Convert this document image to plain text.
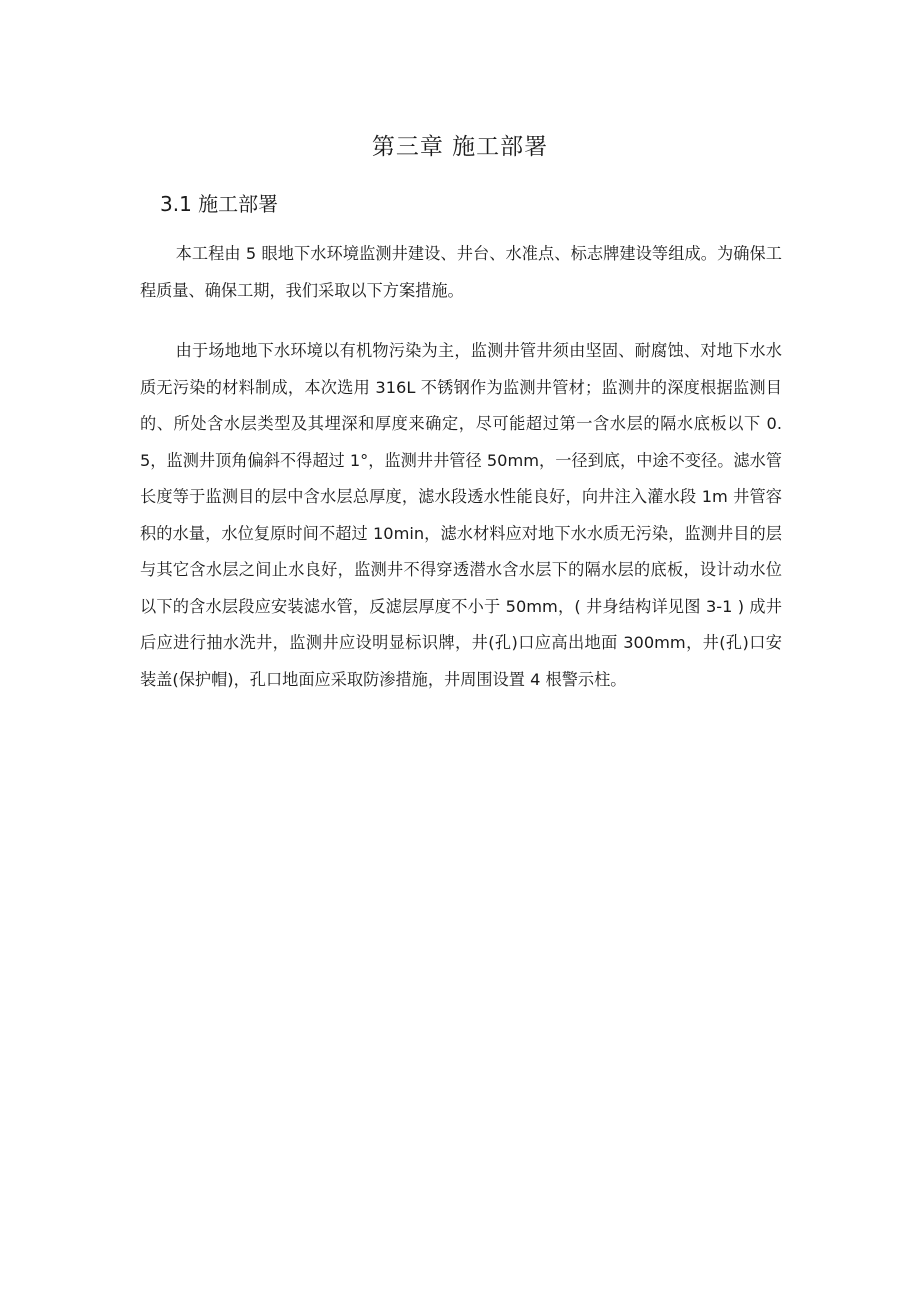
第三章 施工部署
3.1 施工部署

本工程由 5 眼地下水环境监测井建设、井台、水准点、标志牌建设等组成。为确保工程质量、确保工期，我们采取以下方案措施。

由于场地地下水环境以有机物污染为主，监测井管井须由坚固、耐腐蚀、对地下水水质无污染的材料制成，本次选用 316L 不锈钢作为监测井管材；监测井的深度根据监测目的、所处含水层类型及其埋深和厚度来确定，尽可能超过第一含水层的隔水底板以下 0.5，监测井顶角偏斜不得超过 1°，监测井井管径 50mm，一径到底，中途不变径。滤水管长度等于监测目的层中含水层总厚度，滤水段透水性能良好，向井注入灌水段 1m 井管容积的水量，水位复原时间不超过 10min，滤水材料应对地下水水质无污染，监测井目的层与其它含水层之间止水良好，监测井不得穿透潜水含水层下的隔水层的底板，设计动水位以下的含水层段应安装滤水管，反滤层厚度不小于 50mm，( 井身结构详见图 3-1 ) 成井后应进行抽水洗井，监测井应设明显标识牌，井(孔)口应高出地面 300mm，井(孔)口安装盖(保护帽)，孔口地面应采取防渗措施，井周围设置 4 根警示柱。
